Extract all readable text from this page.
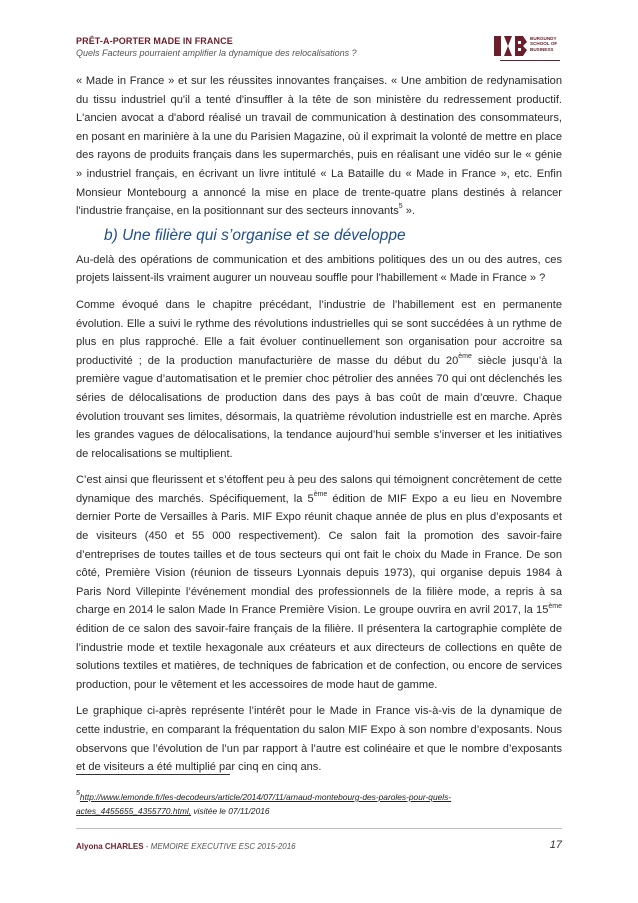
PRÊT-A-PORTER MADE IN FRANCE
Quels Facteurs pourraient amplifier la dynamique des relocalisations ?
BURGUNDY SCHOOL OF BUSINESS

« Made in France » et sur les réussites innovantes françaises. « Une ambition de redynamisation du tissu industriel qu'il a tenté d'insuffler à la tête de son ministère du redressement productif. L'ancien avocat a d'abord réalisé un travail de communication à destination des consommateurs, en posant en marinière à la une du Parisien Magazine, où il exprimait la volonté de mettre en place des rayons de produits français dans les supermarchés, puis en réalisant une vidéo sur le « génie » industriel français, en écrivant un livre intitulé « La Bataille du « Made in France », etc. Enfin Monsieur Montebourg a annoncé la mise en place de trente-quatre plans destinés à relancer l'industrie française, en la positionnant sur des secteurs innovants$^5$ ».

b) Une filière qui s’organise et se développe

Au-delà des opérations de communication et des ambitions politiques des un ou des autres, ces projets laissent-ils vraiment augurer un nouveau souffle pour l'habillement « Made in France » ?

Comme évoqué dans le chapitre précédant, l’industrie de l’habillement est en permanente évolution. Elle a suivi le rythme des révolutions industrielles qui se sont succédées à un rythme de plus en plus rapproché. Elle a fait évoluer continuellement son organisation pour accroitre sa productivité ; de la production manufacturière de masse du début du 20ème siècle jusqu’à la première vague d’automatisation et le premier choc pétrolier des années 70 qui ont déclenchés les séries de délocalisations de production dans des pays à bas coût de main d’œuvre. Chaque évolution trouvant ses limites, désormais, la quatrième révolution industrielle est en marche. Après les grandes vagues de délocalisations, la tendance aujourd’hui semble s’inverser et les initiatives de relocalisations se multiplient.

C’est ainsi que fleurissent et s’étoffent peu à peu des salons qui témoignent concrètement de cette dynamique des marchés. Spécifiquement, la 5ème édition de MIF Expo a eu lieu en Novembre dernier Porte de Versailles à Paris. MIF Expo réunit chaque année de plus en plus d’exposants et de visiteurs (450 et 55 000 respectivement). Ce salon fait la promotion des savoir-faire d’entreprises de toutes tailles et de tous secteurs qui ont fait le choix du Made in France. De son côté, Première Vision (réunion de tisseurs Lyonnais depuis 1973), qui organise depuis 1984 à Paris Nord Villepinte l’événement mondial des professionnels de la filière mode, a repris à sa charge en 2014 le salon Made In France Première Vision. Le groupe ouvrira en avril 2017, la 15ème édition de ce salon des savoir-faire français de la filière. Il présentera la cartographie complète de l’industrie mode et textile hexagonale aux créateurs et aux directeurs de collections en quête de solutions textiles et matières, de techniques de fabrication et de confection, ou encore de services production, pour le vêtement et les accessoires de mode haut de gamme.

Le graphique ci-après représente l’intérêt pour le Made in France vis-à-vis de la dynamique de cette industrie, en comparant la fréquentation du salon MIF Expo à son nombre d’exposants. Nous observons que l’évolution de l’un par rapport à l’autre est colinéaire et que le nombre d’exposants et de visiteurs a été multiplié par cinq en cinq ans.

$^5$http://www.lemonde.fr/les-decodeurs/article/2014/07/11/arnaud-montebourg-des-paroles-pour-quels-actes_4455655_4355770.html, visitée le 07/11/2016
Alyona CHARLES - MEMOIRE EXECUTIVE ESC 2015-2016	17
